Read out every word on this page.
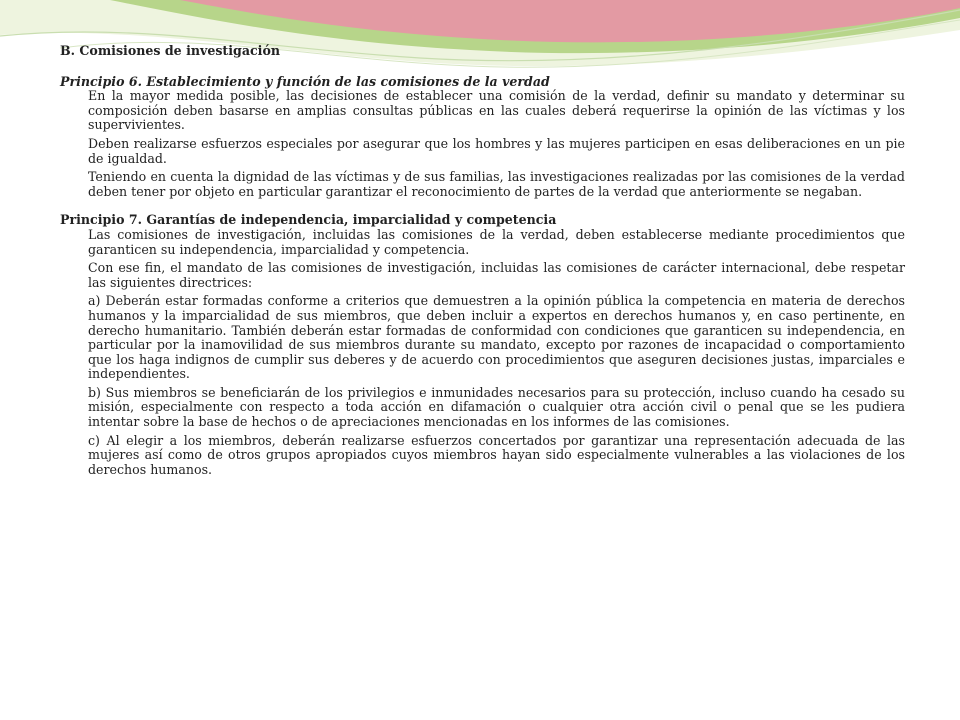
B. Comisiones de investigación

Principio 6. Establecimiento y función de las comisiones de la verdad

En la mayor medida posible, las decisiones de establecer una comisión de la verdad, definir su mandato y determinar su composición deben basarse en amplias consultas públicas en las cuales deberá requerirse la opinión de las víctimas y los supervivientes.

Deben realizarse esfuerzos especiales por asegurar que los hombres y las mujeres participen en esas deliberaciones en un pie de igualdad.

Teniendo en cuenta la dignidad de las víctimas y de sus familias, las investigaciones realizadas por las comisiones de la verdad deben tener por objeto en particular garantizar el reconocimiento de partes de la verdad que anteriormente se negaban.

Principio 7. Garantías de independencia, imparcialidad y competencia

Las comisiones de investigación, incluidas las comisiones de la verdad, deben establecerse mediante procedimientos que garanticen su independencia, imparcialidad y competencia.

Con ese fin, el mandato de las comisiones de investigación, incluidas las comisiones de carácter internacional, debe respetar las siguientes directrices:

a) Deberán estar formadas conforme a criterios que demuestren a la opinión pública la competencia en materia de derechos humanos y la imparcialidad de sus miembros, que deben incluir a expertos en derechos humanos y, en caso pertinente, en derecho humanitario. También deberán estar formadas de conformidad con condiciones que garanticen su independencia, en particular por la inamovilidad de sus miembros durante su mandato, excepto por razones de incapacidad o comportamiento que los haga indignos de cumplir sus deberes y de acuerdo con procedimientos que aseguren decisiones justas, imparciales e independientes.

b) Sus miembros se beneficiarán de los privilegios e inmunidades necesarios para su protección, incluso cuando ha cesado su misión, especialmente con respecto a toda acción en difamación o cualquier otra acción civil o penal que se les pudiera intentar sobre la base de hechos o de apreciaciones mencionadas en los informes de las comisiones.

c) Al elegir a los miembros, deberán realizarse esfuerzos concertados por garantizar una representación adecuada de las mujeres así como de otros grupos apropiados cuyos miembros hayan sido especialmente vulnerables a las violaciones de los derechos humanos.
